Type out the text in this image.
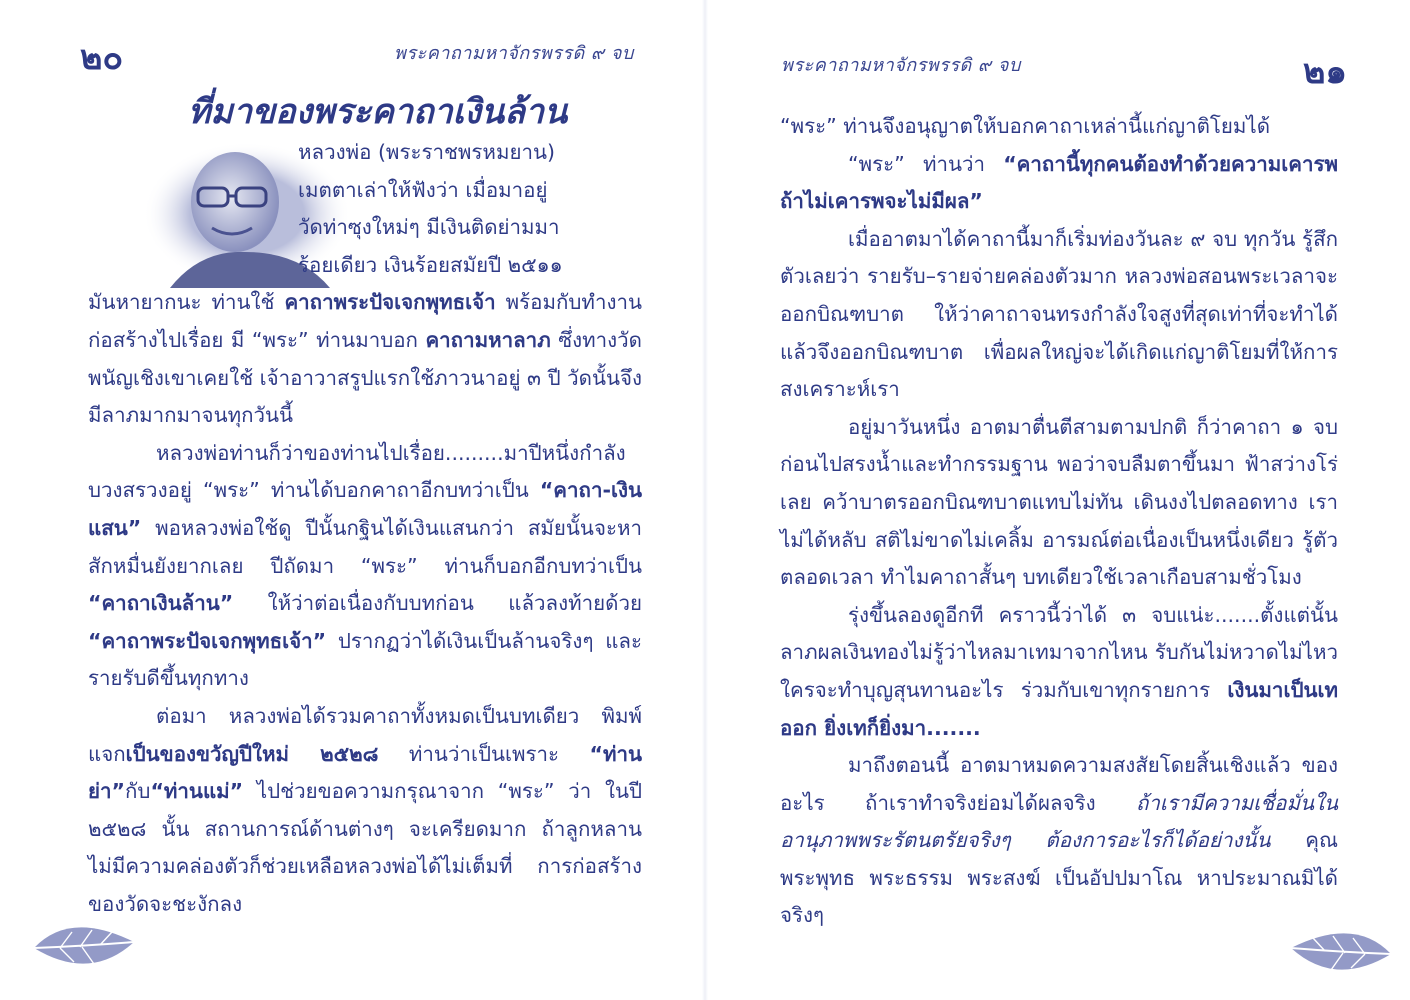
๒๐	พระคาถามหาจักรพรรดิ ๙ จบ
ที่มาของพระคาถาเงินล้าน

หลวงพ่อ (พระราชพรหมยาน)

เมตตาเล่าให้ฟังว่า เมื่อมาอยู่

วัดท่าซุงใหม่ๆ มีเงินติดย่ามมา

ร้อยเดียว เงินร้อยสมัยปี ๒๕๑๑

มันหายากนะ ท่านใช้ คาถาพระปัจเจกพุทธเจ้า พร้อมกับทำงานก่อสร้างไปเรื่อย มี “พระ” ท่านมาบอก คาถามหาลาภ ซึ่งทางวัดพนัญเชิงเขาเคยใช้ เจ้าอาวาสรูปแรกใช้ภาวนาอยู่ ๓ ปี วัดนั้นจึงมีลาภมากมาจนทุกวันนี้

หลวงพ่อท่านก็ว่าของท่านไปเรื่อย.........มาปีหนึ่งกำลังบวงสรวงอยู่ “พระ” ท่านได้บอกคาถาอีกบทว่าเป็น “คาถา-เงินแสน” พอหลวงพ่อใช้ดู ปีนั้นกฐินได้เงินแสนกว่า สมัยนั้นจะหาสักหมื่นยังยากเลย ปีถัดมา “พระ” ท่านก็บอกอีกบทว่าเป็น “คาถาเงินล้าน” ให้ว่าต่อเนื่องกับบทก่อน แล้วลงท้ายด้วย “คาถาพระปัจเจกพุทธเจ้า” ปรากฏว่าได้เงินเป็นล้านจริงๆ และรายรับดีขึ้นทุกทาง

ต่อมา หลวงพ่อได้รวมคาถาทั้งหมดเป็นบทเดียว พิมพ์แจกเป็นของขวัญปีใหม่ ๒๕๒๘ ท่านว่าเป็นเพราะ “ท่านย่า”กับ“ท่านแม่” ไปช่วยขอความกรุณาจาก “พระ” ว่า ในปี ๒๕๒๘ นั้น สถานการณ์ด้านต่างๆ จะเครียดมาก ถ้าลูกหลานไม่มีความคล่องตัวก็ช่วยเหลือหลวงพ่อได้ไม่เต็มที่ การก่อสร้างของวัดจะชะงักลง

พระคาถามหาจักรพรรดิ ๙ จบ	๒๑

“พระ” ท่านจึงอนุญาตให้บอกคาถาเหล่านี้แก่ญาติโยมได้

“พระ” ท่านว่า “คาถานี้ทุกคนต้องทำด้วยความเคารพ ถ้าไม่เคารพจะไม่มีผล”

เมื่ออาตมาได้คาถานี้มาก็เริ่มท่องวันละ ๙ จบ ทุกวัน รู้สึกตัวเลยว่า รายรับ–รายจ่ายคล่องตัวมาก หลวงพ่อสอนพระเวลาจะออกบิณฑบาต ให้ว่าคาถาจนทรงกำลังใจสูงที่สุดเท่าที่จะทำได้แล้วจึงออกบิณฑบาต เพื่อผลใหญ่จะได้เกิดแก่ญาติโยมที่ให้การสงเคราะห์เรา

อยู่มาวันหนึ่ง อาตมาตื่นตีสามตามปกติ ก็ว่าคาถา ๑ จบ ก่อนไปสรงน้ำและทำกรรมฐาน พอว่าจบลืมตาขึ้นมา ฟ้าสว่างโร่เลย คว้าบาตรออกบิณฑบาตแทบไม่ทัน เดินงงไปตลอดทาง เราไม่ได้หลับ สติไม่ขาดไม่เคลิ้ม อารมณ์ต่อเนื่องเป็นหนึ่งเดียว รู้ตัวตลอดเวลา ทำไมคาถาสั้นๆ บทเดียวใช้เวลาเกือบสามชั่วโมง

รุ่งขึ้นลองดูอีกที คราวนี้ว่าได้ ๓ จบแน่ะ.......ตั้งแต่นั้น ลาภผลเงินทองไม่รู้ว่าไหลมาเทมาจากไหน รับกันไม่หวาดไม่ไหว ใครจะทำบุญสุนทานอะไร ร่วมกับเขาทุกรายการ เงินมาเป็นเทออก ยิ่งเทก็ยิ่งมา.......

มาถึงตอนนี้ อาตมาหมดความสงสัยโดยสิ้นเชิงแล้ว ของอะไร ถ้าเราทำจริงย่อมได้ผลจริง ถ้าเรามีความเชื่อมั่นในอานุภาพพระรัตนตรัยจริงๆ ต้องการอะไรก็ได้อย่างนั้น คุณพระพุทธ พระธรรม พระสงฆ์ เป็นอัปปมาโณ หาประมาณมิได้จริงๆ
